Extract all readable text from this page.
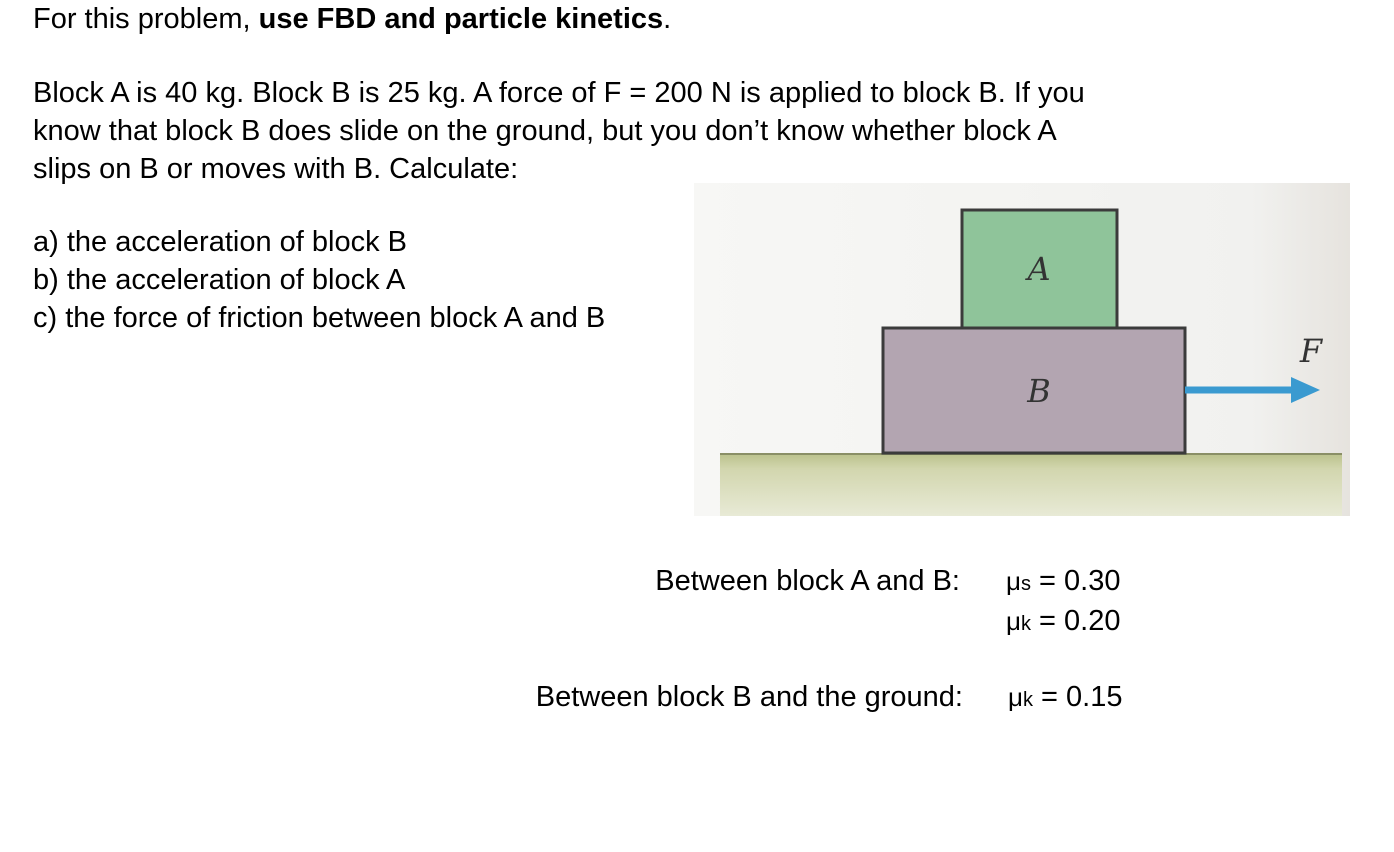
For this problem, use FBD and particle kinetics.
Block A is 40 kg. Block B is 25 kg. A force of F = 200 N is applied to block B. If you
know that block B does slide on the ground, but you don’t know whether block A
slips on B or moves with B. Calculate:
a) the acceleration of block B
b) the acceleration of block A
c) the force of friction between block A and B
A
B
F
Between block A and B: μs = 0.30
μk = 0.20
Between block B and the ground: μk = 0.15
